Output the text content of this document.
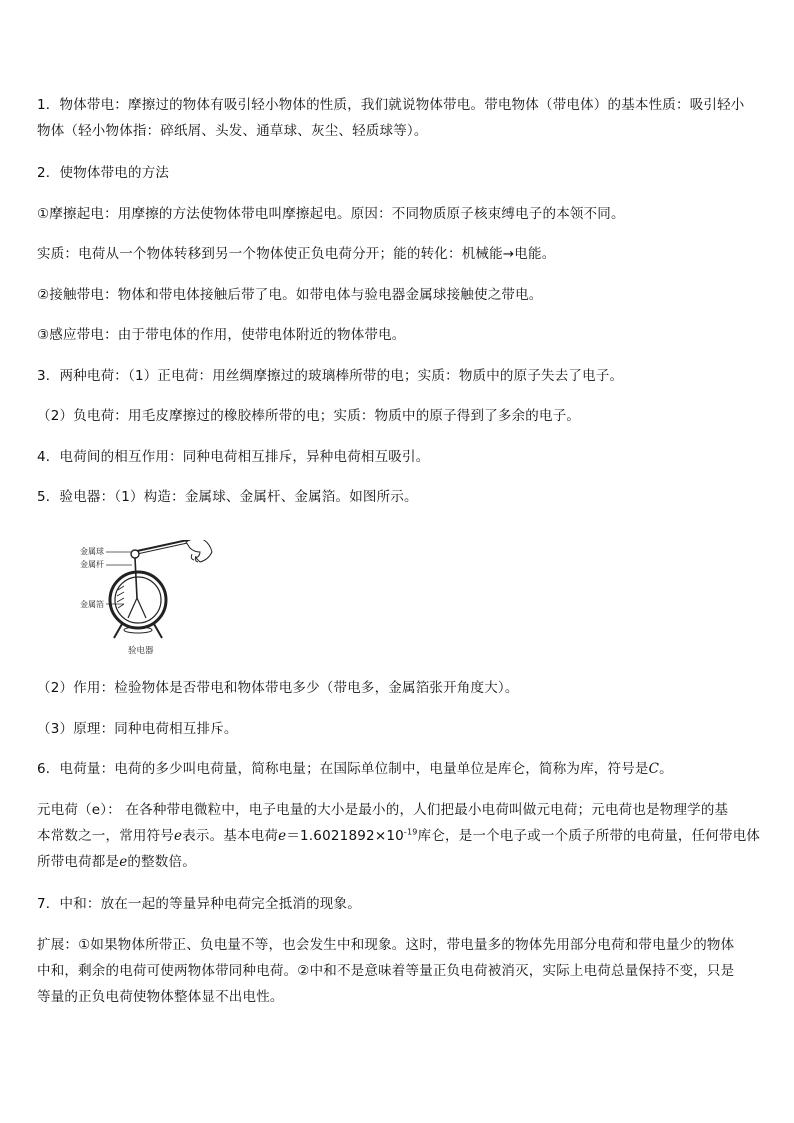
1．物体带电：摩擦过的物体有吸引轻小物体的性质，我们就说物体带电。带电物体（带电体）的基本性质：吸引轻小
物体（轻小物体指：碎纸屑、头发、通草球、灰尘、轻质球等）。
2．使物体带电的方法
①摩擦起电：用摩擦的方法使物体带电叫摩擦起电。原因：不同物质原子核束缚电子的本领不同。
实质：电荷从一个物体转移到另一个物体使正负电荷分开；能的转化：机械能→电能。
②接触带电：物体和带电体接触后带了电。如带电体与验电器金属球接触使之带电。
③感应带电：由于带电体的作用，使带电体附近的物体带电。
3．两种电荷：（1）正电荷：用丝绸摩擦过的玻璃棒所带的电；实质：物质中的原子失去了电子。
（2）负电荷：用毛皮摩擦过的橡胶棒所带的电；实质：物质中的原子得到了多余的电子。
4．电荷间的相互作用：同种电荷相互排斥，异种电荷相互吸引。
5．验电器：（1）构造：金属球、金属杆、金属箔。如图所示。
金属球
金属杆
金属箔
验电器
（2）作用：检验物体是否带电和物体带电多少（带电多，金属箔张开角度大）。
（3）原理：同种电荷相互排斥。
6．电荷量：电荷的多少叫电荷量，简称电量；在国际单位制中，电量单位是库仑，简称为库，符号是C。
元电荷（e）： 在各种带电微粒中，电子电量的大小是最小的，人们把最小电荷叫做元电荷；元电荷也是物理学的基
本常数之一，常用符号e表示。基本电荷$e=1.6021892\times 10^{-19}$库仑，是一个电子或一个质子所带的电荷量，任何带电体
所带电荷都是e的整数倍。
7．中和：放在一起的等量异种电荷完全抵消的现象。
扩展：①如果物体所带正、负电量不等，也会发生中和现象。这时，带电量多的物体先用部分电荷和带电量少的物体
中和，剩余的电荷可使两物体带同种电荷。②中和不是意味着等量正负电荷被消灭，实际上电荷总量保持不变，只是
等量的正负电荷使物体整体显不出电性。
